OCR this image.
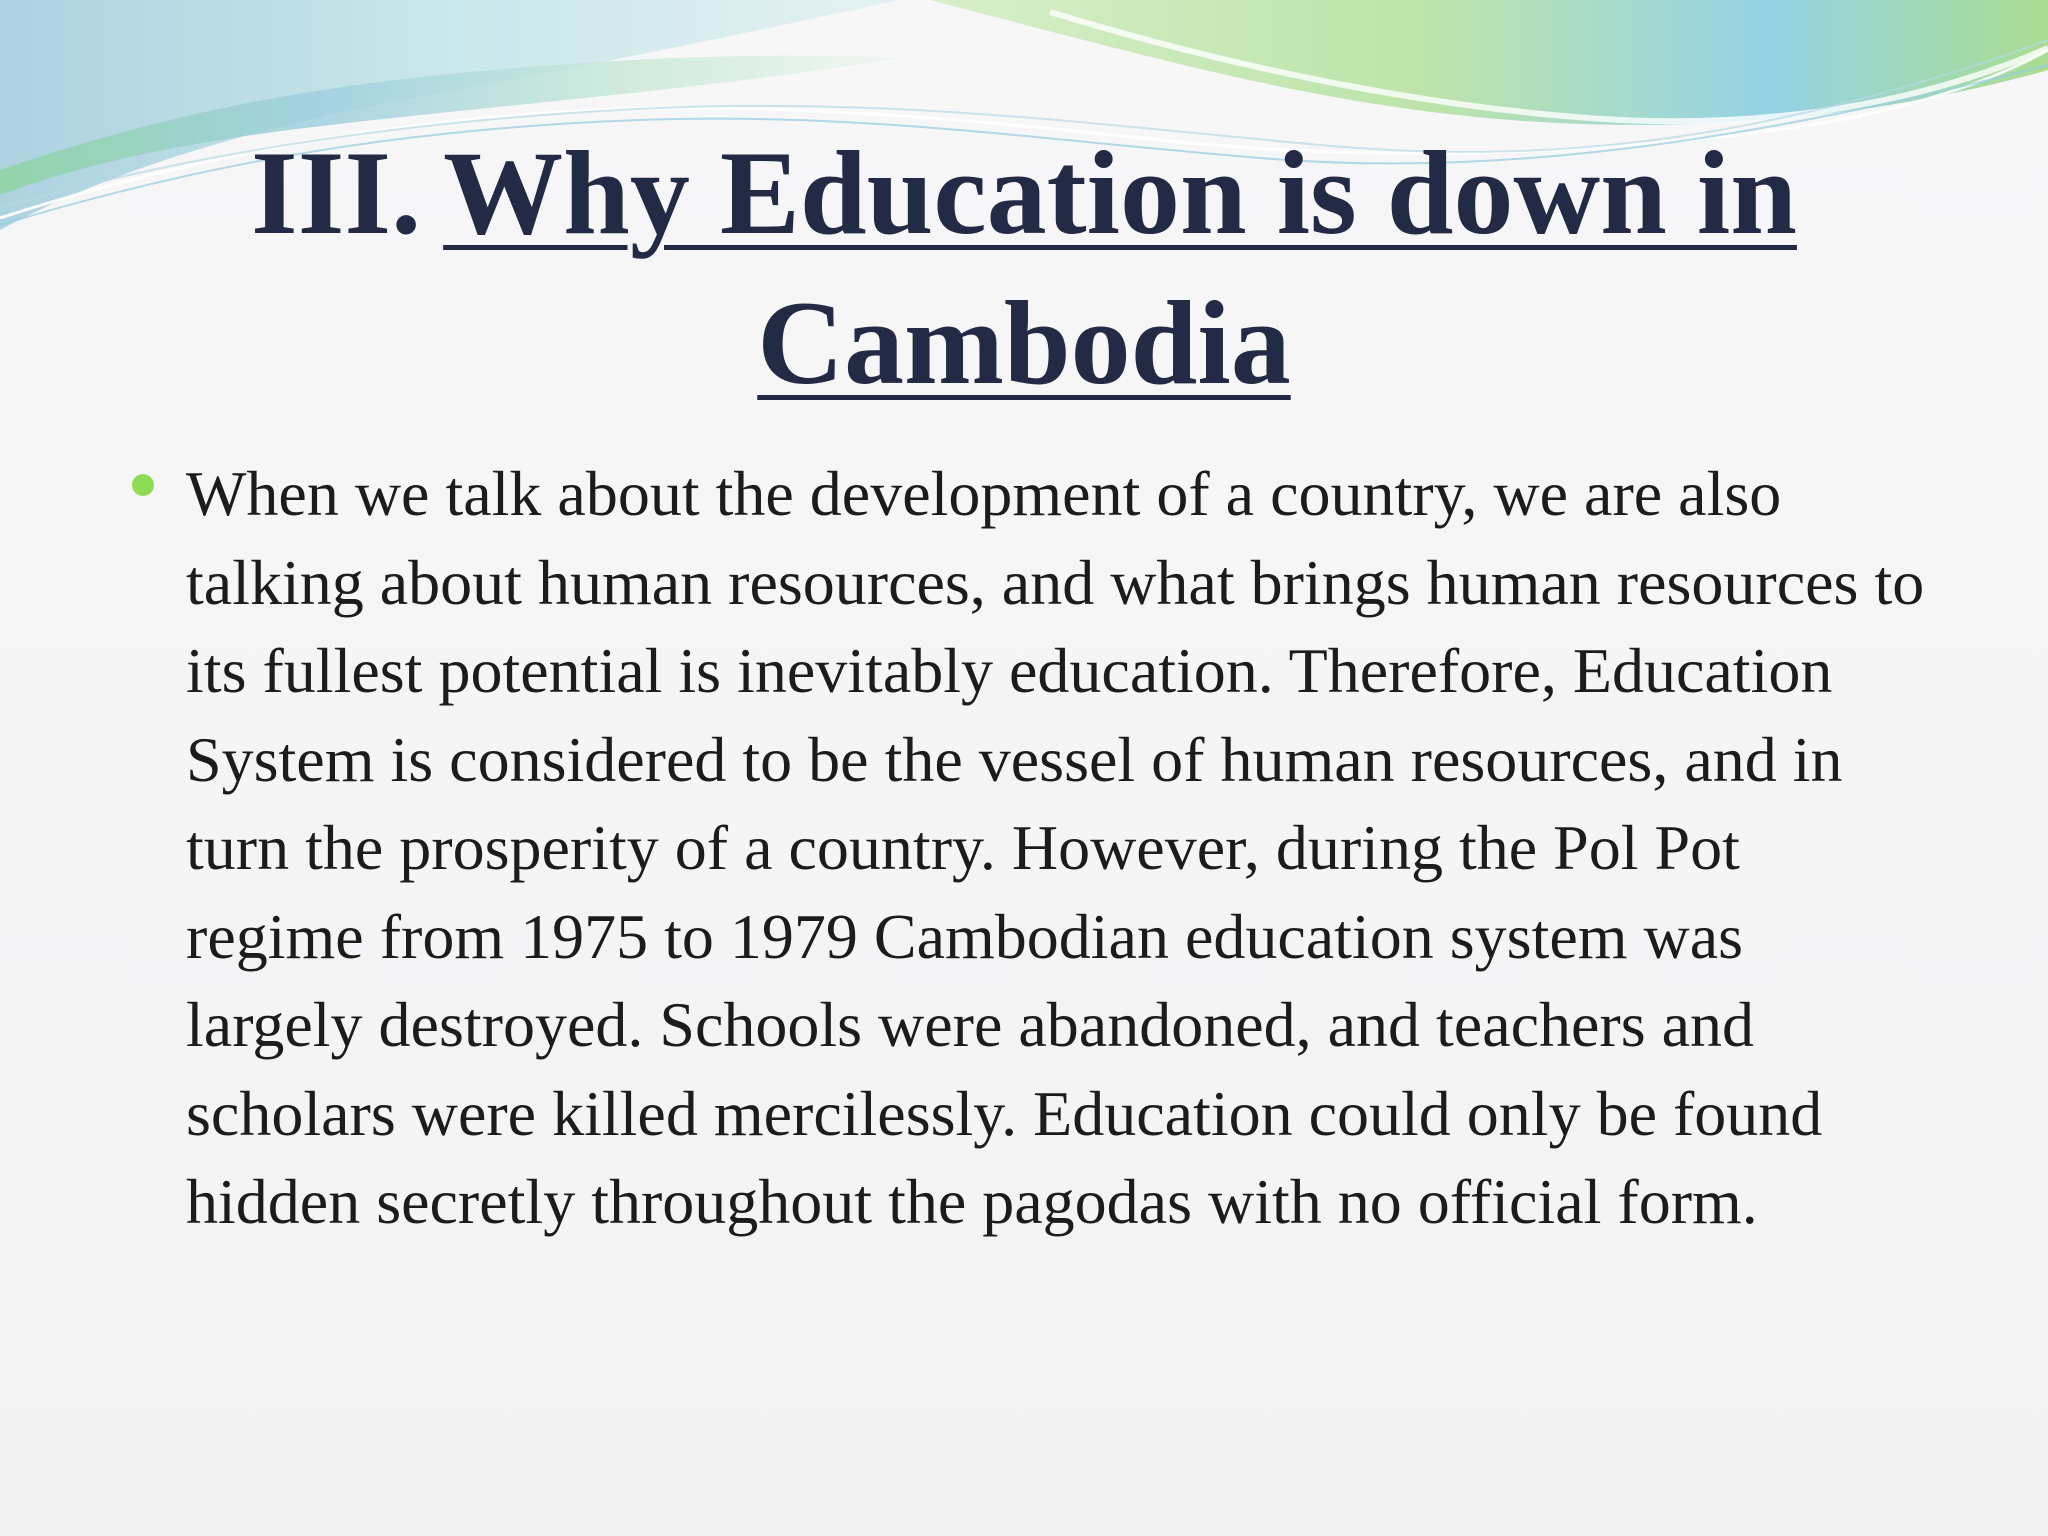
III. Why Education is down in Cambodia
When we talk about the development of a country, we are also talking about human resources, and what brings human resources to its fullest potential is inevitably education. Therefore, Education System is considered to be the vessel of human resources, and in turn the prosperity of a country. However, during the Pol Pot regime from 1975 to 1979 Cambodian education system was largely destroyed. Schools were abandoned, and teachers and scholars were killed mercilessly. Education could only be found hidden secretly throughout the pagodas with no official form.
